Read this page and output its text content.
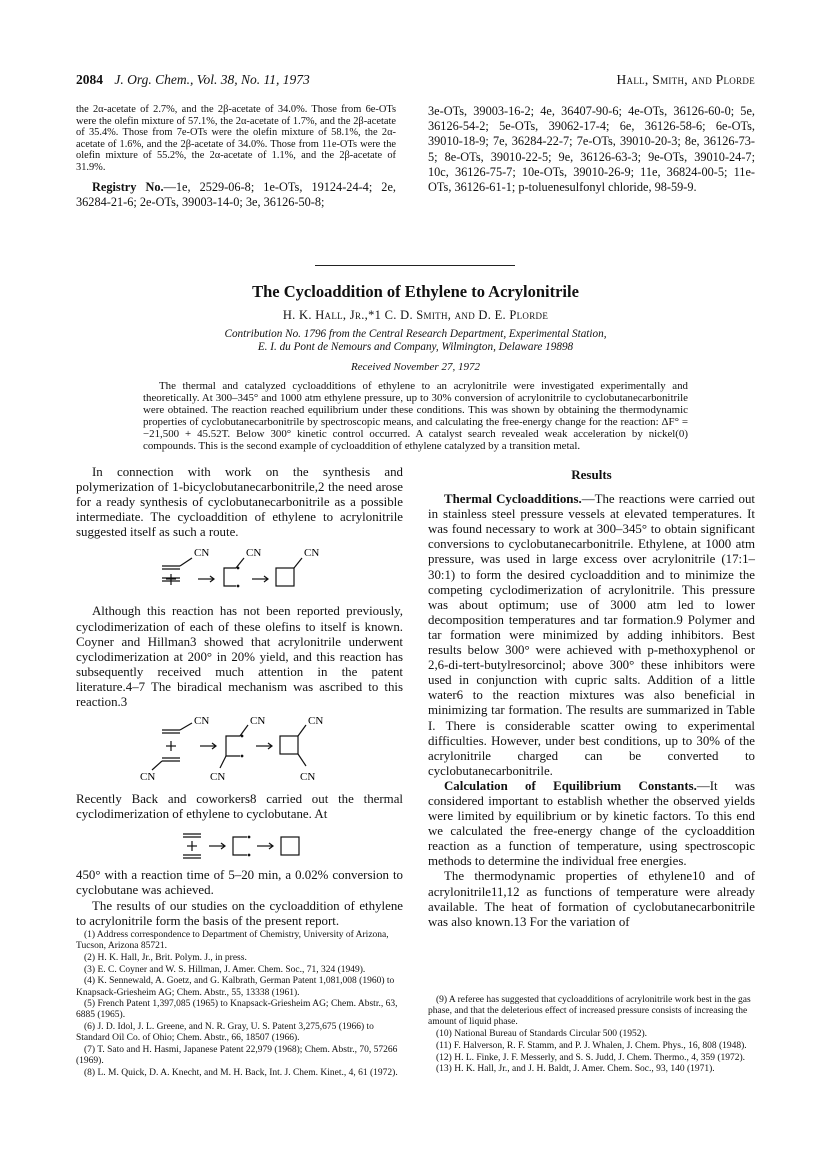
2084 J. Org. Chem., Vol. 38, No. 11, 1973	Hall, Smith, and Plorde

the 2α-acetate of 2.7%, and the 2β-acetate of 34.0%. Those from 6e-OTs were the olefin mixture of 57.1%, the 2α-acetate of 1.7%, and the 2β-acetate of 35.4%. Those from 7e-OTs were the olefin mixture of 58.1%, the 2α-acetate of 1.6%, and the 2β-acetate of 34.0%. Those from 11e-OTs were the olefin mixture of 55.2%, the 2α-acetate of 1.1%, and the 2β-acetate of 31.9%.

Registry No.—1e, 2529-06-8; 1e-OTs, 19124-24-4; 2e, 36284-21-6; 2e-OTs, 39003-14-0; 3e, 36126-50-8;

3e-OTs, 39003-16-2; 4e, 36407-90-6; 4e-OTs, 36126-60-0; 5e, 36126-54-2; 5e-OTs, 39062-17-4; 6e, 36126-58-6; 6e-OTs, 39010-18-9; 7e, 36284-22-7; 7e-OTs, 39010-20-3; 8e, 36126-73-5; 8e-OTs, 39010-22-5; 9e, 36126-63-3; 9e-OTs, 39010-24-7; 10c, 36126-75-7; 10e-OTs, 39010-26-9; 11e, 36824-00-5; 11e-OTs, 36126-61-1; p-toluenesulfonyl chloride, 98-59-9.

The Cycloaddition of Ethylene to Acrylonitrile
H. K. Hall, Jr.,*1 C. D. Smith, and D. E. Plorde
Contribution No. 1796 from the Central Research Department, Experimental Station,
E. I. du Pont de Nemours and Company, Wilmington, Delaware 19898
Received November 27, 1972
The thermal and catalyzed cycloadditions of ethylene to an acrylonitrile were investigated experimentally and theoretically. At 300–345° and 1000 atm ethylene pressure, up to 30% conversion of acrylonitrile to cyclobutanecarbonitrile were obtained. The reaction reached equilibrium under these conditions. This was shown by obtaining the thermodynamic properties of cyclobutanecarbonitrile by spectroscopic means, and calculating the free-energy change for the reaction: ΔF° = −21,500 + 45.52T. Below 300° kinetic control occurred. A catalyst search revealed weak acceleration by nickel(0) compounds. This is the second example of cycloaddition of ethylene catalyzed by a transition metal.

In connection with work on the synthesis and polymerization of 1-bicyclobutanecarbonitrile,2 the need arose for a ready synthesis of cyclobutanecarbonitrile as a possible intermediate. The cycloaddition of ethylene to acrylonitrile suggested itself as such a route.

CN	CN	CN

Although this reaction has not been reported previously, cyclodimerization of each of these olefins to itself is known. Coyner and Hillman3 showed that acrylonitrile underwent cyclodimerization at 200° in 20% yield, and this reaction has subsequently received much attention in the patent literature.4–7 The biradical mechanism was ascribed to this reaction.3

CN
CN
CN
CN
CN
CN

Recently Back and coworkers8 carried out the thermal cyclodimerization of ethylene to cyclobutane. At

450° with a reaction time of 5–20 min, a 0.02% conversion to cyclobutane was achieved.

The results of our studies on the cycloaddition of ethylene to acrylonitrile form the basis of the present report.

(1) Address correspondence to Department of Chemistry, University of Arizona, Tucson, Arizona 85721.

(2) H. K. Hall, Jr., Brit. Polym. J., in press.

(3) E. C. Coyner and W. S. Hillman, J. Amer. Chem. Soc., 71, 324 (1949).

(4) K. Sennewald, A. Goetz, and G. Kalbrath, German Patent 1,081,008 (1960) to Knapsack-Griesheim AG; Chem. Abstr., 55, 13338 (1961).

(5) French Patent 1,397,085 (1965) to Knapsack-Griesheim AG; Chem. Abstr., 63, 6885 (1965).

(6) J. D. Idol, J. L. Greene, and N. R. Gray, U. S. Patent 3,275,675 (1966) to Standard Oil Co. of Ohio; Chem. Abstr., 66, 18507 (1966).

(7) T. Sato and H. Hasmi, Japanese Patent 22,979 (1968); Chem. Abstr., 70, 57266 (1969).

(8) L. M. Quick, D. A. Knecht, and M. H. Back, Int. J. Chem. Kinet., 4, 61 (1972).

Results

Thermal Cycloadditions.—The reactions were carried out in stainless steel pressure vessels at elevated temperatures. It was found necessary to work at 300–345° to obtain significant conversions to cyclobutanecarbonitrile. Ethylene, at 1000 atm pressure, was used in large excess over acrylonitrile (17:1–30:1) to form the desired cycloaddition and to minimize the competing cyclodimerization of acrylonitrile. This pressure was about optimum; use of 3000 atm led to lower decomposition temperatures and tar formation.9 Polymer and tar formation were minimized by adding inhibitors. Best results below 300° were achieved with p-methoxyphenol or 2,6-di-tert-butylresorcinol; above 300° these inhibitors were used in conjunction with cupric salts. Addition of a little water6 to the reaction mixtures was also beneficial in minimizing tar formation. The results are summarized in Table I. There is considerable scatter owing to experimental difficulties. However, under best conditions, up to 30% of the acrylonitrile charged can be converted to cyclobutanecarbonitrile.

Calculation of Equilibrium Constants.—It was considered important to establish whether the observed yields were limited by equilibrium or by kinetic factors. To this end we calculated the free-energy change of the cycloaddition reaction as a function of temperature, using spectroscopic methods to determine the individual free energies.

The thermodynamic properties of ethylene10 and of acrylonitrile11,12 as functions of temperature were already available. The heat of formation of cyclobutanecarbonitrile was also known.13 For the variation of

(9) A referee has suggested that cycloadditions of acrylonitrile work best in the gas phase, and that the deleterious effect of increased pressure consists of increasing the amount of liquid phase.

(10) National Bureau of Standards Circular 500 (1952).

(11) F. Halverson, R. F. Stamm, and P. J. Whalen, J. Chem. Phys., 16, 808 (1948).

(12) H. L. Finke, J. F. Messerly, and S. S. Judd, J. Chem. Thermo., 4, 359 (1972).

(13) H. K. Hall, Jr., and J. H. Baldt, J. Amer. Chem. Soc., 93, 140 (1971).
